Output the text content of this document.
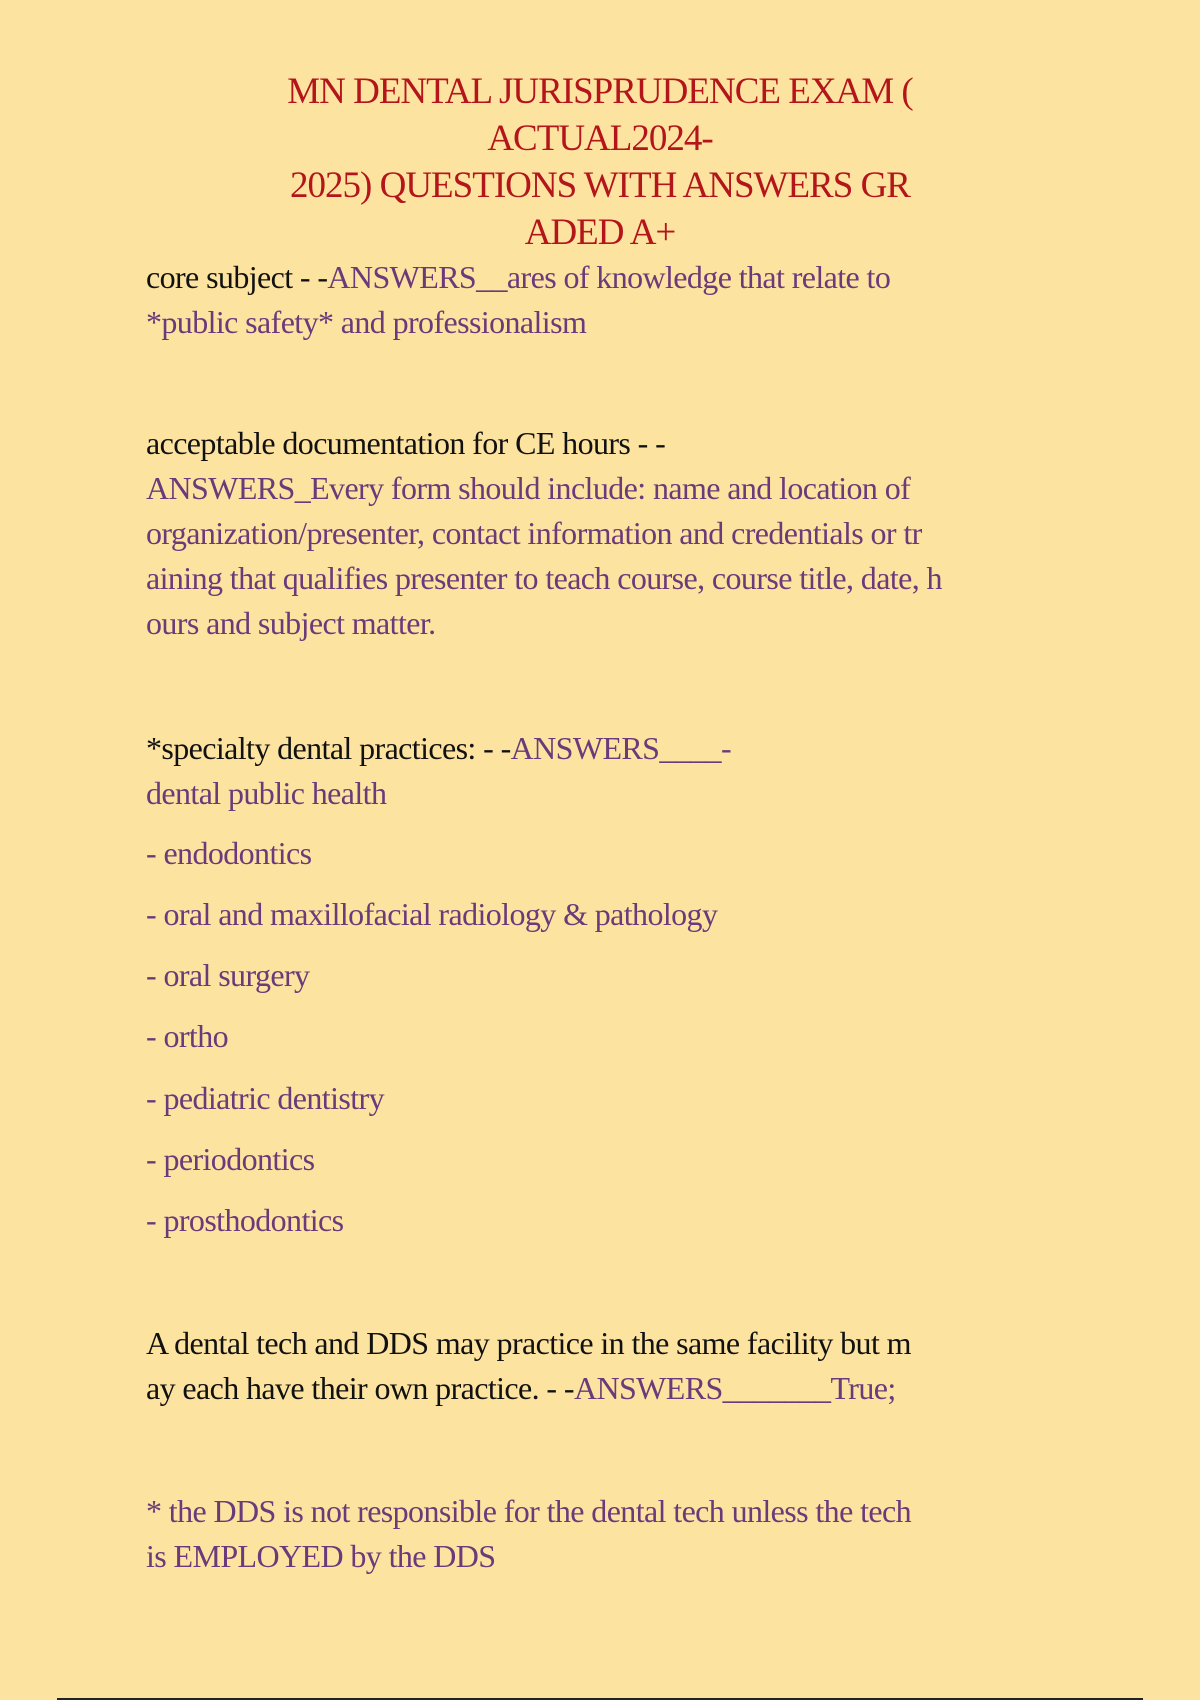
MN DENTAL JURISPRUDENCE EXAM (
ACTUAL2024-
2025) QUESTIONS WITH ANSWERS GR
ADED A+
core subject - -ANSWERS__ares of knowledge that relate to
*public safety* and professionalism
acceptable documentation for CE hours - -
ANSWERS_Every form should include: name and location of
organization/presenter, contact information and credentials or tr
aining that qualifies presenter to teach course, course title, date, h
ours and subject matter.
*specialty dental practices: - -ANSWERS____-
dental public health
- endodontics
- oral and maxillofacial radiology & pathology
- oral surgery
- ortho
- pediatric dentistry
- periodontics
- prosthodontics
A dental tech and DDS may practice in the same facility but m
ay each have their own practice. - -ANSWERS_______True;
* the DDS is not responsible for the dental tech unless the tech
is EMPLOYED by the DDS
